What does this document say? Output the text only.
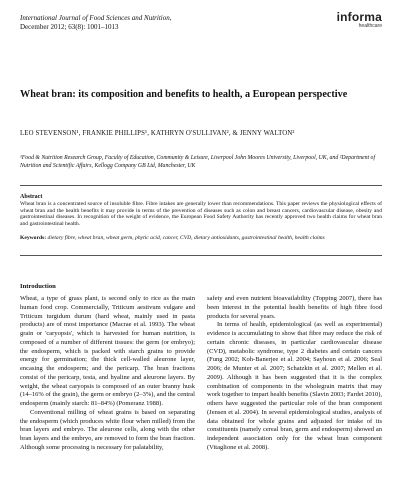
International Journal of Food Sciences and Nutrition,
December 2012; 63(8): 1001–1013
informa
healthcare
Wheat bran: its composition and benefits to health, a European perspective
LEO STEVENSON¹, FRANKIE PHILLIPS¹, KATHRYN O'SULLIVAN², & JENNY WALTON²
¹Food & Nutrition Research Group, Faculty of Education, Community & Leisure, Liverpool John Moores University, Liverpool, UK, and ²Department of Nutrition and Scientific Affairs, Kellogg Company GB Ltd, Manchester, UK
Abstract
Wheat bran is a concentrated source of insoluble fibre. Fibre intakes are generally lower than recommendations. This paper reviews the physiological effects of wheat bran and the health benefits it may provide in terms of the prevention of diseases such as colon and breast cancers, cardiovascular disease, obesity and gastrointestinal diseases. In recognition of the weight of evidence, the European Food Safety Authority has recently approved two health claims for wheat bran and gastrointestinal health.
Keywords: dietary fibre, wheat bran, wheat germ, phytic acid, cancer, CVD, dietary antioxidants, gastrointestinal health, health claims
Introduction

Wheat, a type of grass plant, is second only to rice as the main human food crop. Commercially, Triticum aestivum vulgare and Triticum turgidum durum (hard wheat, mainly used in pasta products) are of most importance (Macrae et al. 1993). The wheat grain or 'caryopsis', which is harvested for human nutrition, is composed of a number of different tissues: the germ (or embryo); the endosperm, which is packed with starch grains to provide energy for germination; the thick cell-walled aleurone layer, encasing the endosperm; and the pericarp. The bran fractions consist of the pericarp, testa, and hyaline and aleurone layers. By weight, the wheat caryopsis is composed of an outer branny husk (14–16% of the grain), the germ or embryo (2–3%), and the central endosperm (mainly starch: 81–84%) (Pomeranz 1988).

Conventional milling of wheat grains is based on separating the endosperm (which produces white flour when milled) from the bran layers and embryo. The aleurone cells, along with the other bran layers and the embryo, are removed to form the bran fraction. Although some processing is necessary for palatability,

safety and even nutrient bioavailability (Topping 2007), there has been interest in the potential health benefits of high fibre food products for several years.

In terms of health, epidemiological (as well as experimental) evidence is accumulating to show that fibre may reduce the risk of certain chronic diseases, in particular cardiovascular disease (CVD), metabolic syndrome, type 2 diabetes and certain cancers (Fung 2002; Koh-Banerjee et al. 2004; Sayhoun et al. 2006; Seal 2006; de Munter et al. 2007; Schatzkin et al. 2007; Mellen et al. 2009). Although it has been suggested that it is the complex combination of components in the wholegrain matrix that may work together to impart health benefits (Slavin 2003; Fardet 2010), others have suggested the particular role of the bran component (Jensen et al. 2004). In several epidemiological studies, analysis of data obtained for whole grains and adjusted for intake of its constituents (namely cereal bran, germ and endosperm) showed an independent association only for the wheat bran component (Vitaglione et al. 2008).
